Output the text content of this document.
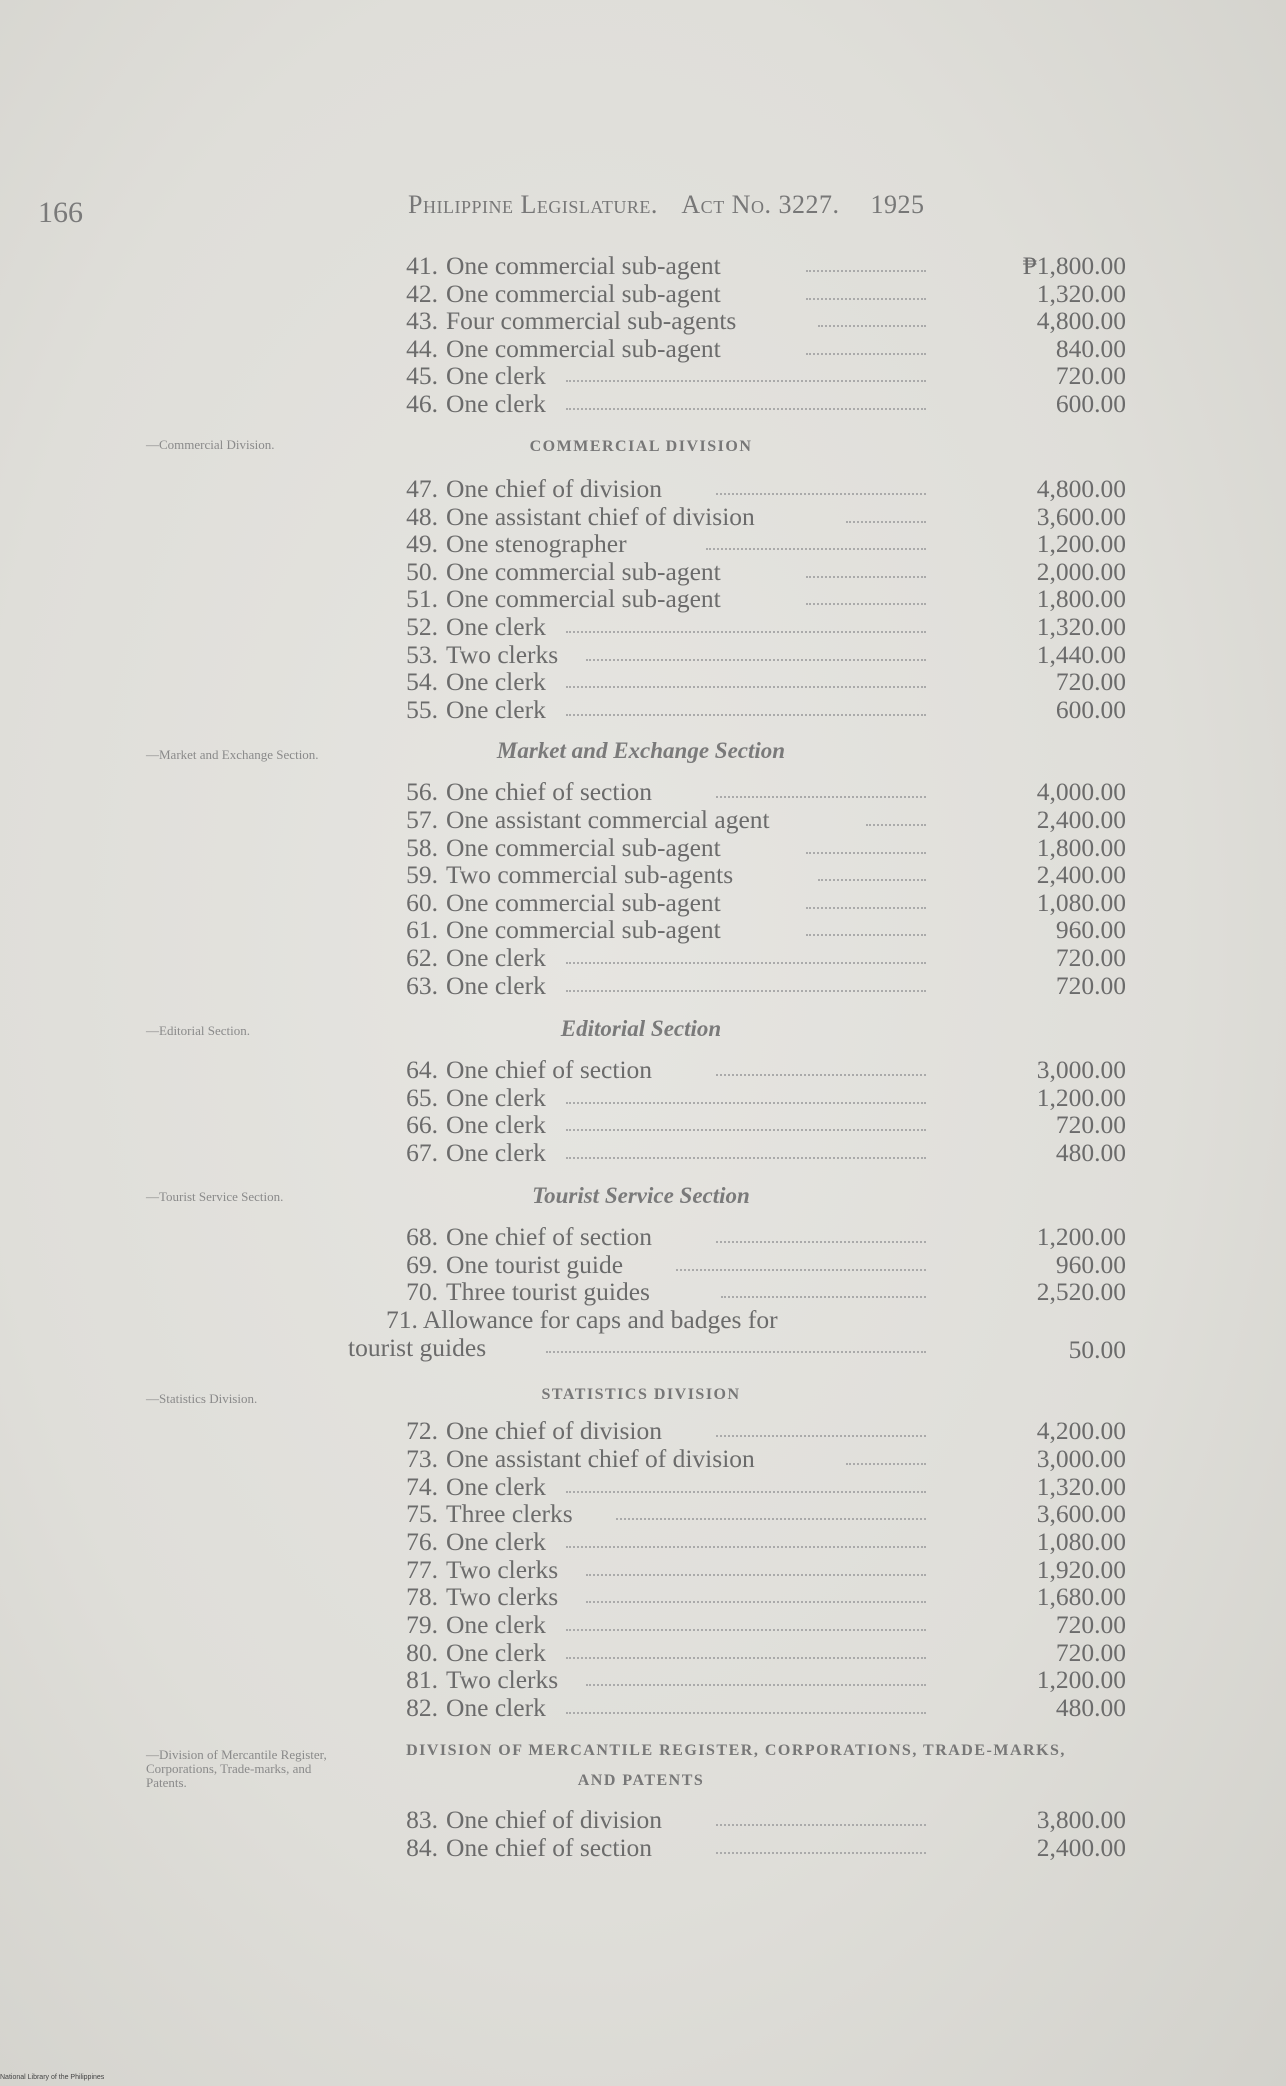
166	Philippine Legislature. Act No. 3227. 1925
41. One commercial sub-agent	₱1,800.00
42. One commercial sub-agent	1,320.00
43. Four commercial sub-agents	4,800.00
44. One commercial sub-agent	840.00
45. One clerk	720.00
46. One clerk	600.00
—Commercial Division.	COMMERCIAL DIVISION
47. One chief of division	4,800.00
48. One assistant chief of division	3,600.00
49. One stenographer	1,200.00
50. One commercial sub-agent	2,000.00
51. One commercial sub-agent	1,800.00
52. One clerk	1,320.00
53. Two clerks	1,440.00
54. One clerk	720.00
55. One clerk	600.00
—Market and Exchange Section.	Market and Exchange Section
56. One chief of section	4,000.00
57. One assistant commercial agent	2,400.00
58. One commercial sub-agent	1,800.00
59. Two commercial sub-agents	2,400.00
60. One commercial sub-agent	1,080.00
61. One commercial sub-agent	960.00
62. One clerk	720.00
63. One clerk	720.00
—Editorial Section.	Editorial Section
64. One chief of section	3,000.00
65. One clerk	1,200.00
66. One clerk	720.00
67. One clerk	480.00
—Tourist Service Section.	Tourist Service Section
68. One chief of section	1,200.00
69. One tourist guide	960.00
70. Three tourist guides	2,520.00
71. Allowance for caps and badges for
tourist guides	50.00
—Statistics Division.	STATISTICS DIVISION
72. One chief of division	4,200.00
73. One assistant chief of division	3,000.00
74. One clerk	1,320.00
75. Three clerks	3,600.00
76. One clerk	1,080.00
77. Two clerks	1,920.00
78. Two clerks	1,680.00
79. One clerk	720.00
80. One clerk	720.00
81. Two clerks	1,200.00
82. One clerk	480.00
—Division of Mercantile Register, Corporations, Trade-marks, and Patents.
DIVISION OF MERCANTILE REGISTER, CORPORATIONS, TRADE-MARKS,
AND PATENTS
83. One chief of division	3,800.00
84. One chief of section	2,400.00
National Library of the Philippines
